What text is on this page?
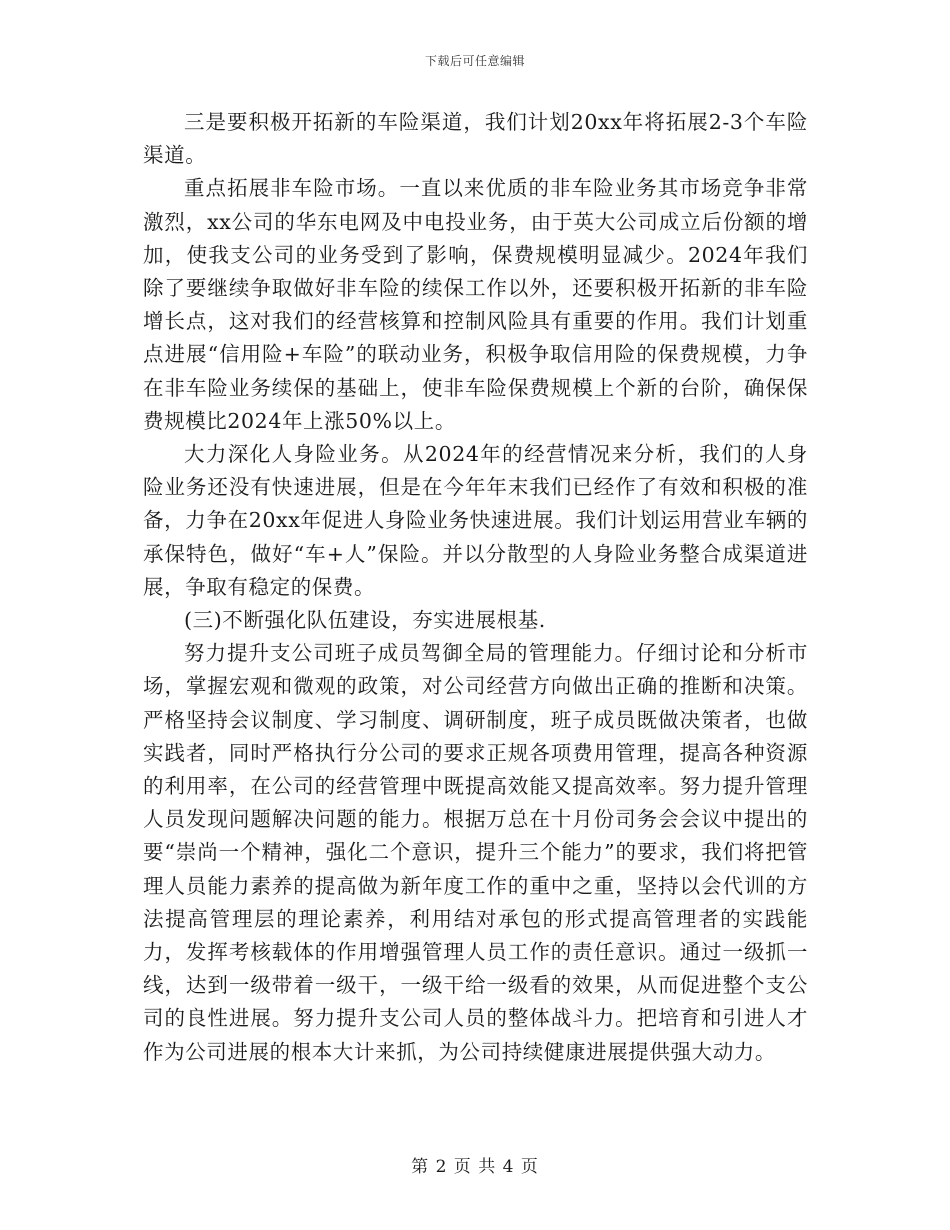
下载后可任意编辑

三是要积极开拓新的车险渠道，我们计划20xx年将拓展2-3个车险渠道。

重点拓展非车险市场。一直以来优质的非车险业务其市场竞争非常激烈，xx公司的华东电网及中电投业务，由于英大公司成立后份额的增加，使我支公司的业务受到了影响，保费规模明显减少。2024年我们除了要继续争取做好非车险的续保工作以外，还要积极开拓新的非车险增长点，这对我们的经营核算和控制风险具有重要的作用。我们计划重点进展“信用险+车险”的联动业务，积极争取信用险的保费规模，力争在非车险业务续保的基础上，使非车险保费规模上个新的台阶，确保保费规模比2024年上涨50%以上。

大力深化人身险业务。从2024年的经营情况来分析，我们的人身险业务还没有快速进展，但是在今年年末我们已经作了有效和积极的准备，力争在20xx年促进人身险业务快速进展。我们计划运用营业车辆的承保特色，做好“车+人”保险。并以分散型的人身险业务整合成渠道进展，争取有稳定的保费。

(三)不断强化队伍建设，夯实进展根基.

努力提升支公司班子成员驾御全局的管理能力。仔细讨论和分析市场，掌握宏观和微观的政策，对公司经营方向做出正确的推断和决策。严格坚持会议制度、学习制度、调研制度，班子成员既做决策者，也做实践者，同时严格执行分公司的要求正规各项费用管理，提高各种资源的利用率，在公司的经营管理中既提高效能又提高效率。努力提升管理人员发现问题解决问题的能力。根据万总在十月份司务会会议中提出的要“崇尚一个精神，强化二个意识，提升三个能力”的要求，我们将把管理人员能力素养的提高做为新年度工作的重中之重，坚持以会代训的方法提高管理层的理论素养，利用结对承包的形式提高管理者的实践能力，发挥考核载体的作用增强管理人员工作的责任意识。通过一级抓一线，达到一级带着一级干，一级干给一级看的效果，从而促进整个支公司的良性进展。努力提升支公司人员的整体战斗力。把培育和引进人才作为公司进展的根本大计来抓，为公司持续健康进展提供强大动力。

第 2 页 共 4 页
